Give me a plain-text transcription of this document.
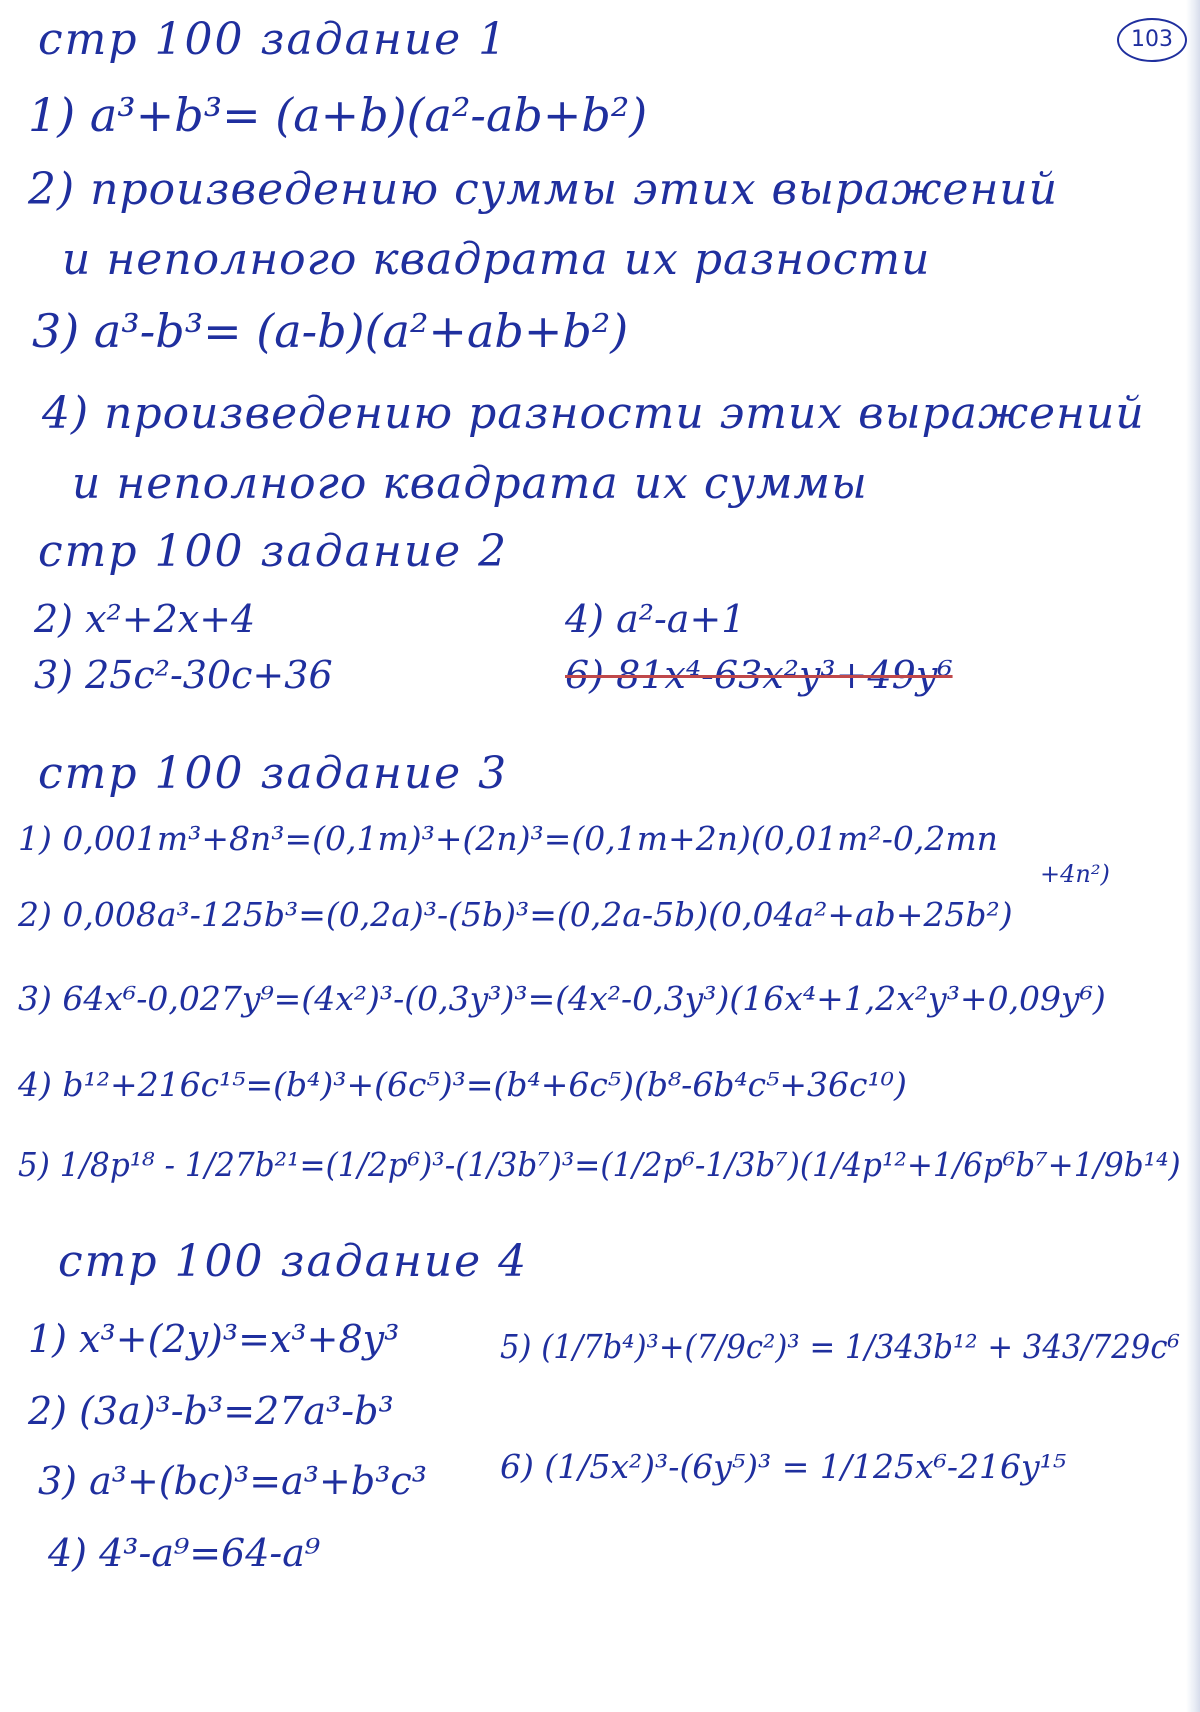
103
стр 100 задание 1
1) a³+b³= (a+b)(a²-ab+b²)
2) произведению суммы этих выражений
и неполного квадрата их разности
3) a³-b³= (a-b)(a²+ab+b²)
4) произведению разности этих выражений
и неполного квадрата их суммы
стр 100 задание 2
2) x²+2x+4
3) 25c²-30c+36
4) a²-a+1
6) 81x⁴-63x²y³+49y⁶
стр 100 задание 3
1) 0,001m³+8n³=(0,1m)³+(2n)³=(0,1m+2n)(0,01m²-0,2mn
+4n²)
2) 0,008a³-125b³=(0,2a)³-(5b)³=(0,2a-5b)(0,04a²+ab+25b²)
3) 64x⁶-0,027y⁹=(4x²)³-(0,3y³)³=(4x²-0,3y³)(16x⁴+1,2x²y³+0,09y⁶)
4) b¹²+216c¹⁵=(b⁴)³+(6c⁵)³=(b⁴+6c⁵)(b⁸-6b⁴c⁵+36c¹⁰)
5) 1/8p¹⁸ - 1/27b²¹=(1/2p⁶)³-(1/3b⁷)³=(1/2p⁶-1/3b⁷)(1/4p¹²+1/6p⁶b⁷+1/9b¹⁴)
стр 100 задание 4
1) x³+(2y)³=x³+8y³
2) (3a)³-b³=27a³-b³
3) a³+(bc)³=a³+b³c³
4) 4³-a⁹=64-a⁹
5) (1/7b⁴)³+(7/9c²)³ = 1/343b¹² + 343/729c⁶
6) (1/5x²)³-(6y⁵)³ = 1/125x⁶-216y¹⁵
